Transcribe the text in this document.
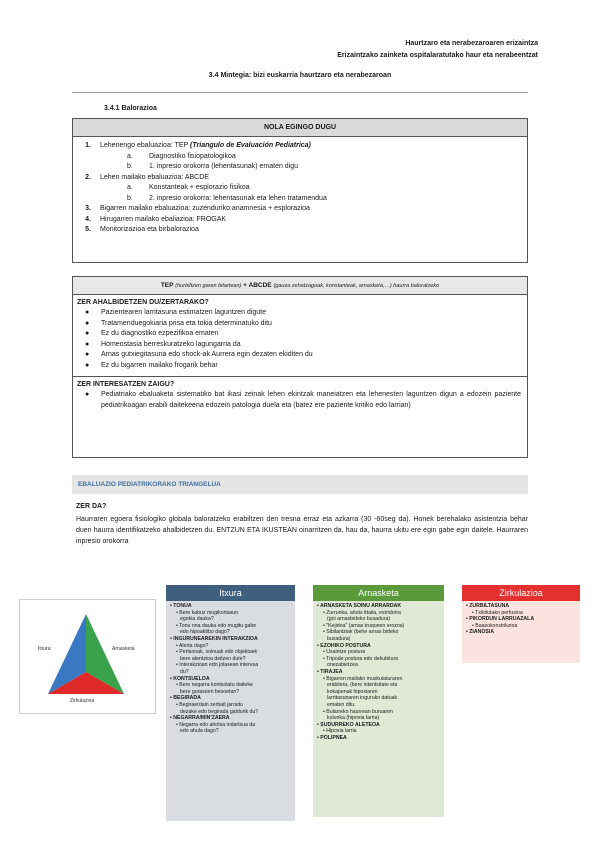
Haurtzaro eta nerabezaroaren erizaintza
Erizaintzako zainketa ospitalaratutako haur eta nerabeentzat
3.4 Mintegia: bizi euskarria haurtzaro eta nerabezaroan
3.4.1 Balorazioa
NOLA EGINGO DUGU
1.	Lehenengo ebaluazioa: TEP (Triangulo de Evaluación Pediatrica)
a.	Diagnostiko fisiopatologikoa
b.	1. inpresio orokorra (lehentasunak) ematen digu
2.	Lehen mailako ebaluazioa: ABCDE
a.	Konstanteak + esplorazio fisikoa
b.	2. inpresio orokorra: lehentasunak eta lehen tratamendua
3.	Bigarren mailako ebaluazioa: zuzenduriko anamnesia + esplorazioa
4.	Hirugarren mailako ebaliazioa: FROGAK
5.	Monitorizazioa eta birbalorazioa
TEP (hurbiltzen garen bitartean) + ABCDE (gauza zehatzagoak, konstanteak, arnasketa,…) haurra baloratzeko
ZER AHALBIDETZEN DU/ZERTARAKO?
●	Pazientearen larritasuna estimatzen laguntzen digute
●	Tratamenduegokiaria prisa eta tokia determinatuko ditu
●	Ez du diagnostiko ezpezifikoa ematen
●	Homeostasia berreskuratzeko lagungarria da
●	Arnas gutxiegitasuna edo shock-ak Aurrera egin dezaten ekiditen du
●	Ez du bigarren mailako frogarik behar
ZER INTERESATZEN ZAIGU?
●	Pediatriako ebaluaketa sistematiko bat ikasi zeinak lehen ekintzak maneiatzen eta lehenesten laguntzen digun a edozein paziente pediatrikoagan erabili daitekeena edozein patologia duela eta (batez ere paziente kritiko edo larrian)
EBALUAZIO PEDIATRIKORAKO TRIANGELUA
ZER DA?
Haurraren egoera fisiologiko globala baloratzeko erabiltzen den tresna erraz eta azkarra (30 -60seg da). Honek berehalako asistentzia behar duen haurra identifikatzeko ahalbidetzen du. ENTZUN ETA IKUSTEAN oinarritzen da, hau da, haurra ukitu ere egin gabe egin daitele. Haurraren inpresio orokorra
Itxura	Arnasketa
Zirkulazioa
Itxura
• TONUA
• Bere kabuz mugikortasun
egokia dauka?
• Tonu ona dauka edo mugitu gabe
edo hipoaktibo dago?
• INGURUNEAREKIN INTERAKZIOA
• Alerta dago?
• Pertsonak, soinuak edo objektuek
bere atentzioa deitzen dute?
• Interakzioan edo jolasean interesa
du?
• KONTSUELOA
• Bere negarra kontsolatu daiteke
bere gurasoen besoetan?
• BEGIRADA
• Begiraerdain zerbait jarraitu
dezake edo begirada galdurik du?
• NEGARRA/MIN'ZAERA
• Negarra edo ahotsa indartsua da
edo ahula dago?
Arnasketa
• ARNASKETA SOINU ARRARDAK
• Zurrunka, ahots ittaila, estridorra
(goi arnasbideko buxadura)
• "Kejidoa" (arnas truqueen erozoa)
• Sibilantziak (behe arnas bideko
buxadura)
• EZOHIKO POSTURA
• Usaintze postura
• Tripode postura edo dekubitura
onezabietzea
• TIRAJEA
• Bigarren mailako muskulaturaren
erabilera, (bere intentsitate eta
kokapenak hipoxiaren
larritasunaren inguruko datuak
ematen ditu.
• Bularreko haurrean buruaren
kulunka (hipoxia larria)
• SUDURREKO ALETEOA
• Hipoxia larria
• POLIPNEA
Zirkulazioa
• ZURBILTASUNA
• Txikitutako perfusioa
• PIKORDUN LARRUAZALA
• Baasokonstrikzioa
• ZIANOSIA
